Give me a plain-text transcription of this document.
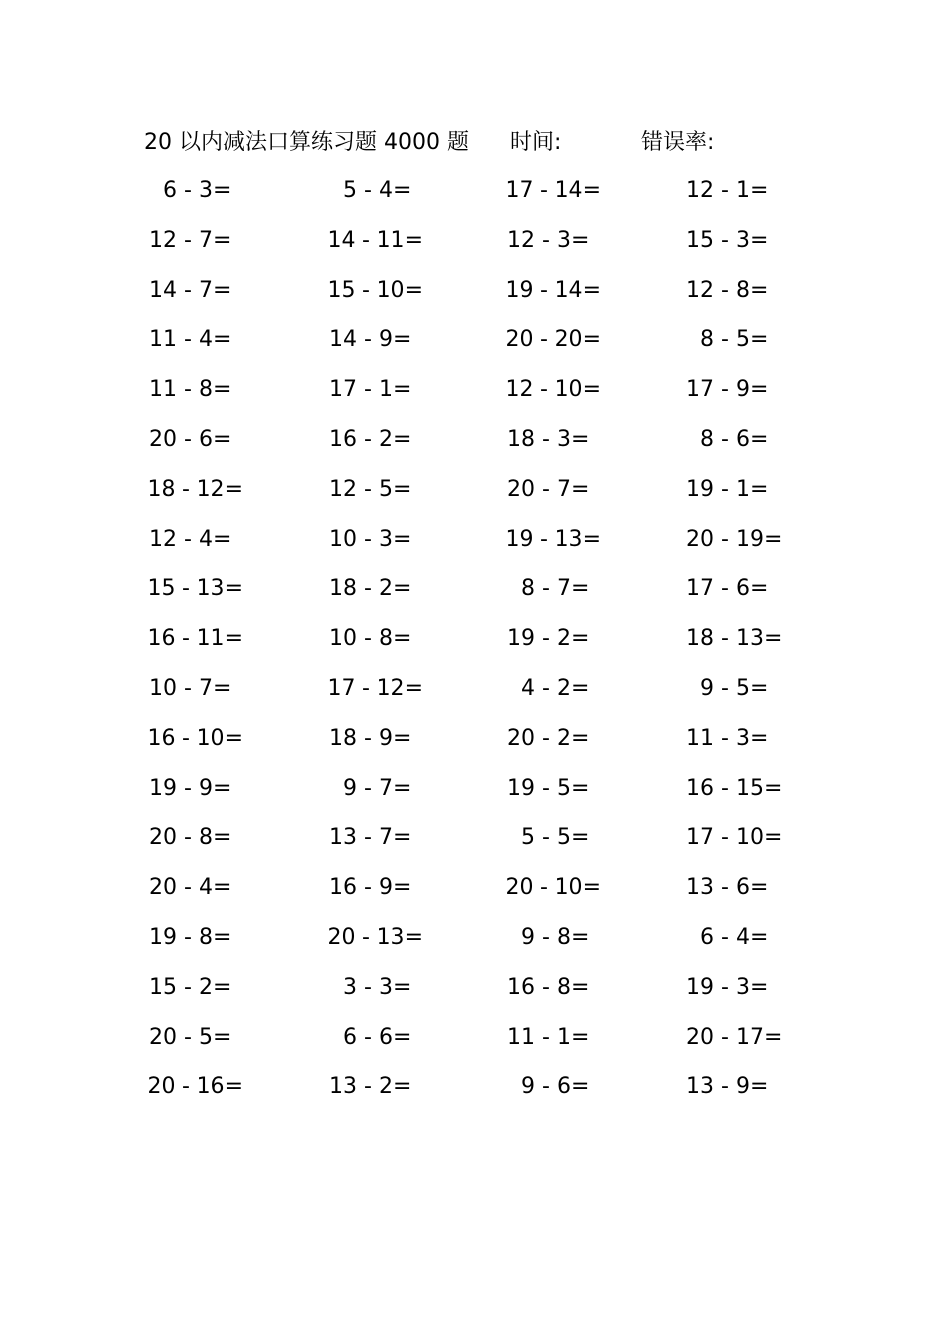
20 以内减法口算练习题 4000 题 时间:	错误率:
6 - 3 =	5 - 4 =	17 - 14 =	12 - 1 =
12 - 7 =	14 - 11 =	12 - 3 =	15 - 3 =
14 - 7 =	15 - 10 =	19 - 14 =	12 - 8 =
11 - 4 =	14 - 9 =	20 - 20 =	8 - 5 =
11 - 8 =	17 - 1 =	12 - 10 =	17 - 9 =
20 - 6 =	16 - 2 =	18 - 3 =	8 - 6 =
18 - 12 =	12 - 5 =	20 - 7 =	19 - 1 =
12 - 4 =	10 - 3 =	19 - 13 =	20 - 19 =
15 - 13 =	18 - 2 =	8 - 7 =	17 - 6 =
16 - 11 =	10 - 8 =	19 - 2 =	18 - 13 =
10 - 7 =	17 - 12 =	4 - 2 =	9 - 5 =
16 - 10 =	18 - 9 =	20 - 2 =	11 - 3 =
19 - 9 =	9 - 7 =	19 - 5 =	16 - 15 =
20 - 8 =	13 - 7 =	5 - 5 =	17 - 10 =
20 - 4 =	16 - 9 =	20 - 10 =	13 - 6 =
19 - 8 =	20 - 13 =	9 - 8 =	6 - 4 =
15 - 2 =	3 - 3 =	16 - 8 =	19 - 3 =
20 - 5 =	6 - 6 =	11 - 1 =	20 - 17 =
20 - 16 =	13 - 2 =	9 - 6 =	13 - 9 =
